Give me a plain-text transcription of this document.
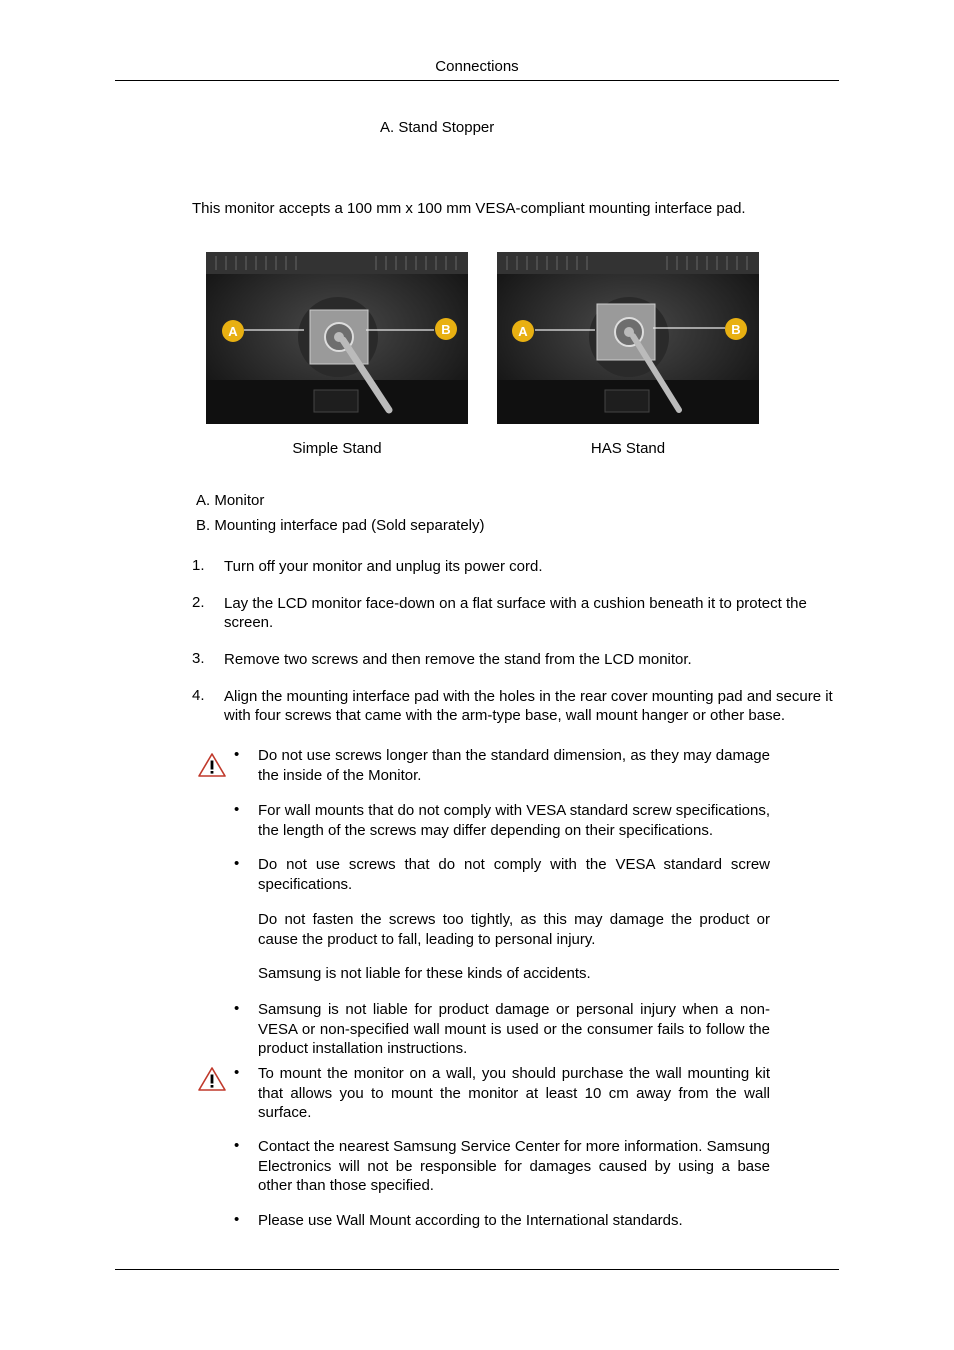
Connections
A. Stand Stopper
This monitor accepts a 100 mm x 100 mm VESA-compliant mounting interface pad.
A	B	A	B
Simple Stand	HAS Stand
A. Monitor
B. Mounting interface pad (Sold separately)
1. Turn off your monitor and unplug its power cord.
2. Lay the LCD monitor face-down on a flat surface with a cushion beneath it to protect the screen.
3. Remove two screws and then remove the stand from the LCD monitor.
4. Align the mounting interface pad with the holes in the rear cover mounting pad and secure it with four screws that came with the arm-type base, wall mount hanger or other base.
• Do not use screws longer than the standard dimension, as they may damage the inside of the Monitor.
• For wall mounts that do not comply with VESA standard screw specifications, the length of the screws may differ depending on their specifications.
• Do not use screws that do not comply with the VESA standard screw specifications.
Do not fasten the screws too tightly, as this may damage the product or cause the product to fall, leading to personal injury.
Samsung is not liable for these kinds of accidents.
• Samsung is not liable for product damage or personal injury when a non-VESA or non-specified wall mount is used or the consumer fails to follow the product installation instructions.
• To mount the monitor on a wall, you should purchase the wall mounting kit that allows you to mount the monitor at least 10 cm away from the wall surface.
• Contact the nearest Samsung Service Center for more information. Samsung Electronics will not be responsible for damages caused by using a base other than those specified.
• Please use Wall Mount according to the International standards.
